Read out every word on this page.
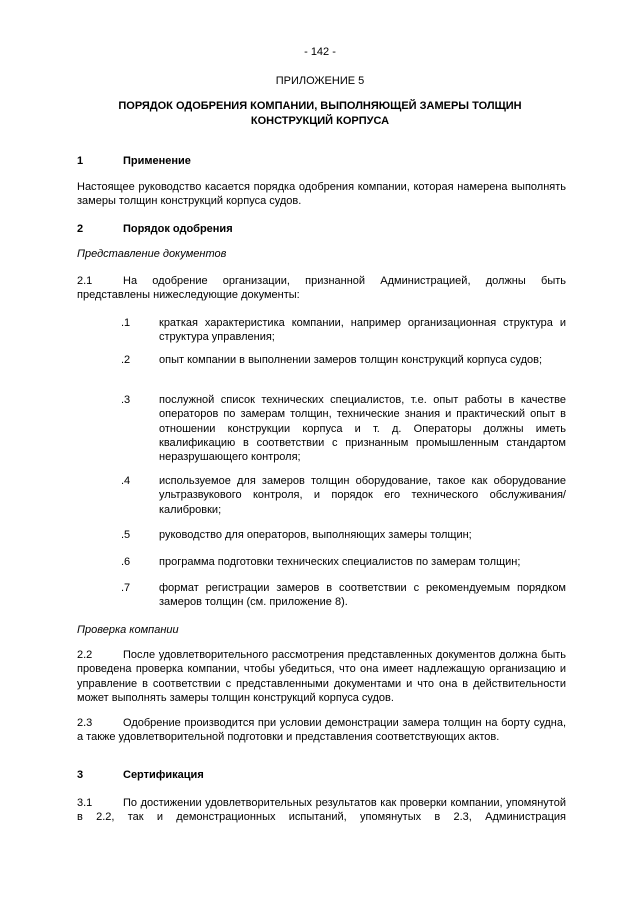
- 142 -
ПРИЛОЖЕНИЕ 5
ПОРЯДОК ОДОБРЕНИЯ КОМПАНИИ, ВЫПОЛНЯЮЩЕЙ ЗАМЕРЫ ТОЛЩИН КОНСТРУКЦИЙ КОРПУСА
1	Применение
Настоящее руководство касается порядка одобрения компании, которая намерена выполнять замеры толщин конструкций корпуса судов.
2	Порядок одобрения
Представление документов
2.1	На одобрение организации, признанной Администрацией, должны быть представлены нижеследующие документы:
.1	краткая характеристика компании, например организационная структура и структура управления;
.2	опыт компании в выполнении замеров толщин конструкций корпуса судов;
.3	послужной список технических специалистов, т.е. опыт работы в качестве операторов по замерам толщин, технические знания и практический опыт в отношении конструкции корпуса и т. д. Операторы должны иметь квалификацию в соответствии с признанным промышленным стандартом неразрушающего контроля;
.4	используемое для замеров толщин оборудование, такое как оборудование ультразвукового контроля, и порядок его технического обслуживания/калибровки;
.5	руководство для операторов, выполняющих замеры толщин;
.6	программа подготовки технических специалистов по замерам толщин;
.7	формат регистрации замеров в соответствии с рекомендуемым порядком замеров толщин (см. приложение 8).
Проверка компании
2.2	После удовлетворительного рассмотрения представленных документов должна быть проведена проверка компании, чтобы убедиться, что она имеет надлежащую организацию и управление в соответствии с представленными документами и что она в действительности может выполнять замеры толщин конструкций корпуса судов.
2.3	Одобрение производится при условии демонстрации замера толщин на борту судна, а также удовлетворительной подготовки и представления соответствующих актов.
3	Сертификация
3.1	По достижении удовлетворительных результатов как проверки компании, упомянутой в 2.2, так и демонстрационных испытаний, упомянутых в 2.3, Администрация
